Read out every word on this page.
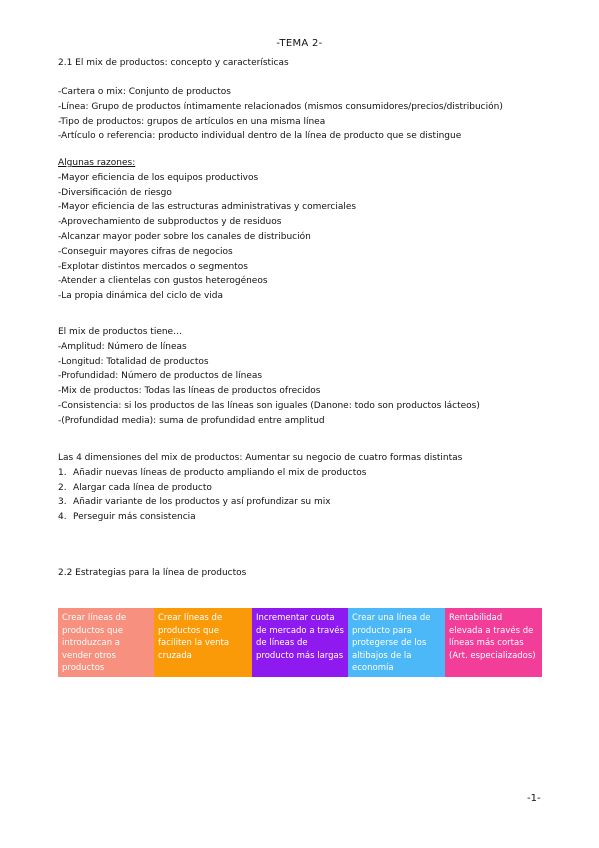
-TEMA 2-
2.1 El mix de productos: concepto y características
-Cartera o mix: Conjunto de productos
-Línea: Grupo de productos íntimamente relacionados (mismos consumidores/precios/distribución)
-Tipo de productos: grupos de artículos en una misma línea
-Artículo o referencia: producto individual dentro de la línea de producto que se distingue
Algunas razones:
-Mayor eficiencia de los equipos productivos
-Diversificación de riesgo
-Mayor eficiencia de las estructuras administrativas y comerciales
-Aprovechamiento de subproductos y de residuos
-Alcanzar mayor poder sobre los canales de distribución
-Conseguir mayores cifras de negocios
-Explotar distintos mercados o segmentos
-Atender a clientelas con gustos heterogéneos
-La propia dinámica del ciclo de vida
El mix de productos tiene…
-Amplitud: Número de líneas
-Longitud: Totalidad de productos
-Profundidad: Número de productos de líneas
-Mix de productos: Todas las líneas de productos ofrecidos
-Consistencia: si los productos de las líneas son iguales (Danone: todo son productos lácteos)
-(Profundidad media): suma de profundidad entre amplitud
Las 4 dimensiones del mix de productos: Aumentar su negocio de cuatro formas distintas
1. Añadir nuevas líneas de producto ampliando el mix de productos
2. Alargar cada línea de producto
3. Añadir variante de los productos y así profundizar su mix
4. Perseguir más consistencia
2.2 Estrategias para la línea de productos
Crear líneas de productos que introduzcan a vender otros productos
Crear líneas de productos que faciliten la venta cruzada
Incrementar cuota de mercado a través de líneas de producto más largas
Crear una línea de producto para protegerse de los altibajos de la economía
Rentabilidad elevada a través de líneas más cortas (Art. especializados)
-1-
